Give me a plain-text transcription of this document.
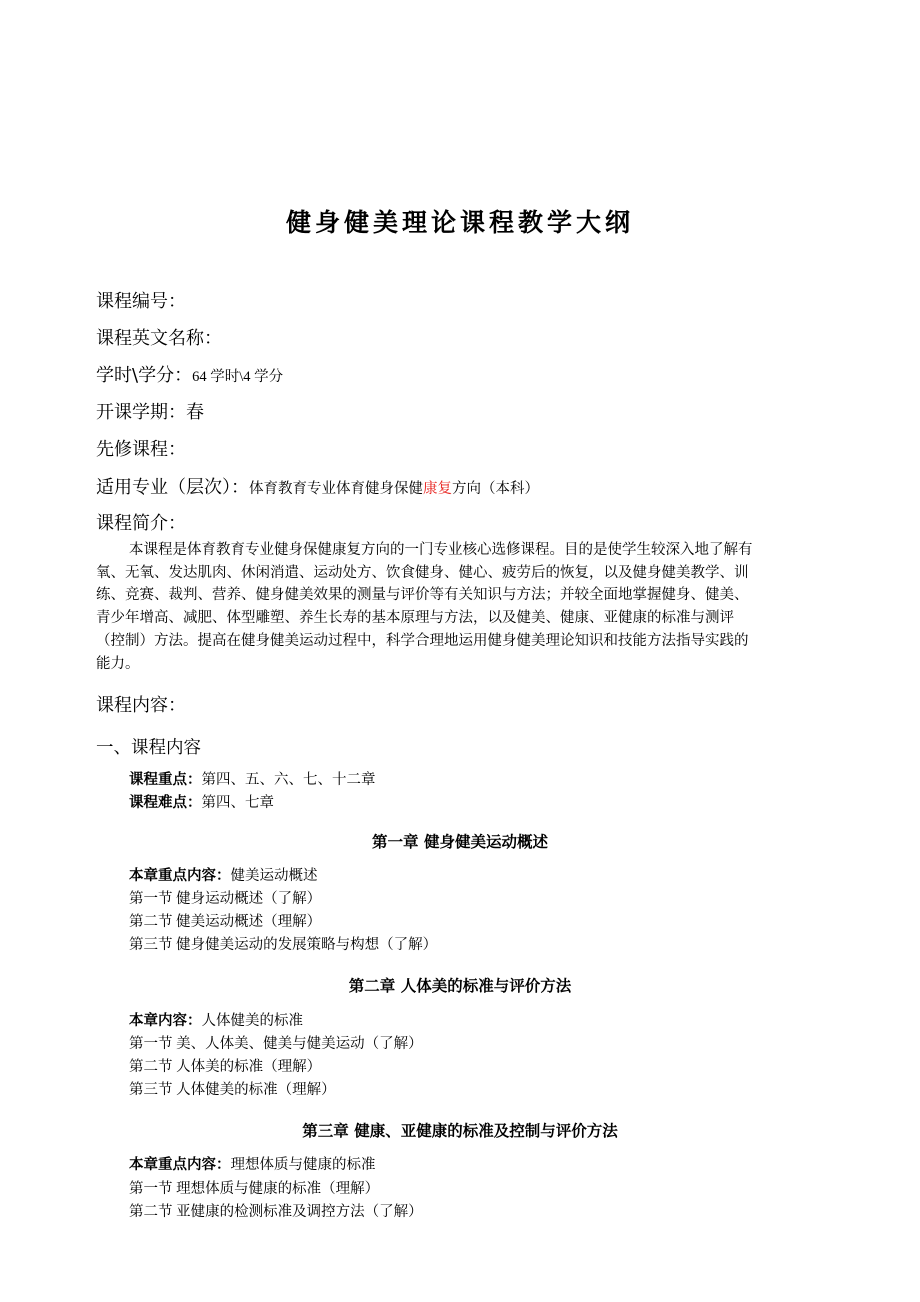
健身健美理论课程教学大纲
课程编号：
课程英文名称：
学时\学分：64 学时\4 学分
开课学期：春
先修课程：
适用专业（层次）：体育教育专业体育健身保健康复方向（本科）
课程简介：
本课程是体育教育专业健身保健康复方向的一门专业核心选修课程。目的是使学生较深入地了解有
氧、无氧、发达肌肉、休闲消遣、运动处方、饮食健身、健心、疲劳后的恢复，以及健身健美教学、训
练、竞赛、裁判、营养、健身健美效果的测量与评价等有关知识与方法；并较全面地掌握健身、健美、
青少年增高、减肥、体型雕塑、养生长寿的基本原理与方法，以及健美、健康、亚健康的标准与测评
（控制）方法。提高在健身健美运动过程中，科学合理地运用健身健美理论知识和技能方法指导实践的
能力。
课程内容：
一、课程内容
课程重点：第四、五、六、七、十二章
课程难点：第四、七章
第一章 健身健美运动概述
本章重点内容：健美运动概述
第一节 健身运动概述（了解）
第二节 健美运动概述（理解）
第三节 健身健美运动的发展策略与构想（了解）
第二章 人体美的标准与评价方法
本章内容：人体健美的标准
第一节 美、人体美、健美与健美运动（了解）
第二节 人体美的标准（理解）
第三节 人体健美的标准（理解）
第三章 健康、亚健康的标准及控制与评价方法
本章重点内容：理想体质与健康的标准
第一节 理想体质与健康的标准（理解）
第二节 亚健康的检测标准及调控方法（了解）
